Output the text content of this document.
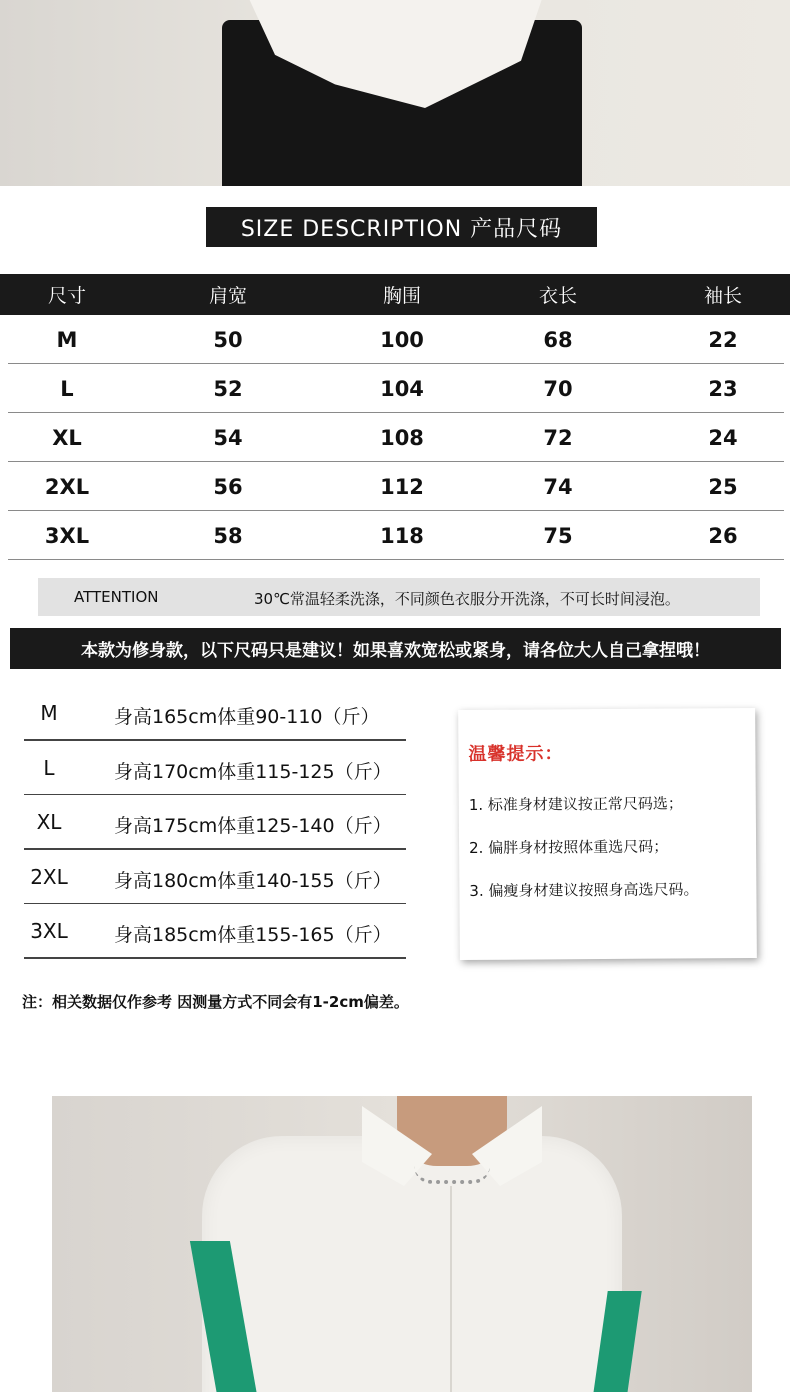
SIZE DESCRIPTION 产品尺码
尺寸	肩宽	胸围	衣长	袖长
M	50	100	68	22
L	52	104	70	23
XL	54	108	72	24
2XL	56	112	74	25
3XL	58	118	75	26
ATTENTION	30℃常温轻柔洗涤，不同颜色衣服分开洗涤，不可长时间浸泡。
本款为修身款，以下尺码只是建议！如果喜欢宽松或紧身，请各位大人自己拿捏哦！
M	身高165cm体重90-110（斤）
L	身高170cm体重115-125（斤）
XL	身高175cm体重125-140（斤）
2XL	身高180cm体重140-155（斤）
3XL	身高185cm体重155-165（斤）
温馨提示：
1. 标准身材建议按正常尺码选；
2. 偏胖身材按照体重选尺码；
3. 偏瘦身材建议按照身高选尺码。
注：相关数据仅作参考 因测量方式不同会有1-2cm偏差。
